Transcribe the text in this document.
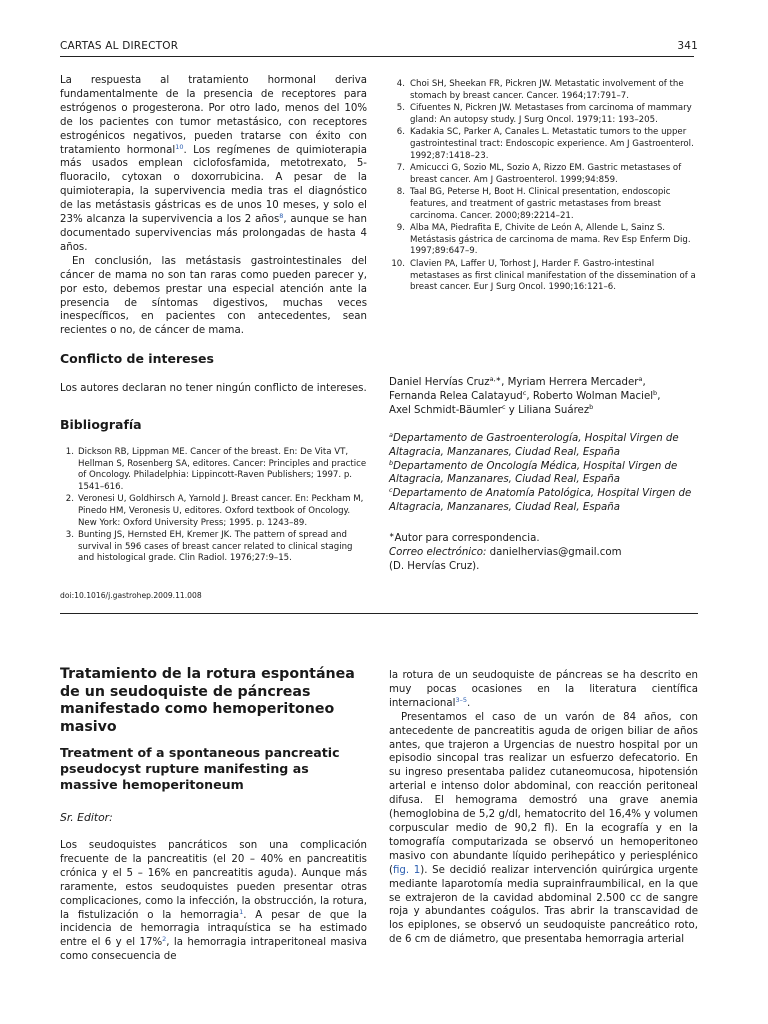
CARTAS AL DIRECTOR	341

La respuesta al tratamiento hormonal deriva fundamentalmente de la presencia de receptores para estrógenos o progesterona. Por otro lado, menos del 10% de los pacientes con tumor metastásico, con receptores estrogénicos negativos, pueden tratarse con éxito con tratamiento hormonal$^{10}$. Los regímenes de quimioterapia más usados emplean ciclofosfamida, metotrexato, 5-fluoracilo, cytoxan o doxorrubicina. A pesar de la quimioterapia, la supervivencia media tras el diagnóstico de las metástasis gástricas es de unos 10 meses, y solo el 23% alcanza la supervivencia a los 2 años$^8$, aunque se han documentado supervivencias más prolongadas de hasta 4 años.

En conclusión, las metástasis gastrointestinales del cáncer de mama no son tan raras como pueden parecer y, por esto, debemos prestar una especial atención ante la presencia de síntomas digestivos, muchas veces inespecíficos, en pacientes con antecedentes, sean recientes o no, de cáncer de mama.

Conflicto de intereses

Los autores declaran no tener ningún conflicto de intereses.

Bibliografía
1. Dickson RB, Lippman ME. Cancer of the breast. En: De Vita VT, Hellman S, Rosenberg SA, editores. Cancer: Principles and practice of Oncology. Philadelphia: Lippincott-Raven Publishers; 1997. p. 1541–616.
2. Veronesi U, Goldhirsch A, Yarnold J. Breast cancer. En: Peckham M, Pinedo HM, Veronesis U, editores. Oxford textbook of Oncology. New York: Oxford University Press; 1995. p. 1243–89.
3. Bunting JS, Hernsted EH, Kremer JK. The pattern of spread and survival in 596 cases of breast cancer related to clinical staging and histological grade. Clin Radiol. 1976;27:9–15.
doi:10.1016/j.gastrohep.2009.11.008
4. Choi SH, Sheekan FR, Pickren JW. Metastatic involvement of the stomach by breast cancer. Cancer. 1964;17:791–7.
5. Cifuentes N, Pickren JW. Metastases from carcinoma of mammary gland: An autopsy study. J Surg Oncol. 1979;11: 193–205.
6. Kadakia SC, Parker A, Canales L. Metastatic tumors to the upper gastrointestinal tract: Endoscopic experience. Am J Gastroenterol. 1992;87:1418–23.
7. Amicucci G, Sozio ML, Sozio A, Rizzo EM. Gastric metastases of breast cancer. Am J Gastroenterol. 1999;94:859.
8. Taal BG, Peterse H, Boot H. Clinical presentation, endoscopic features, and treatment of gastric metastases from breast carcinoma. Cancer. 2000;89:2214–21.
9. Alba MA, Piedrafita E, Chivite de León A, Allende L, Sainz S. Metástasis gástrica de carcinoma de mama. Rev Esp Enferm Dig. 1997;89:647–9.
10. Clavien PA, Laffer U, Torhost J, Harder F. Gastro-intestinal metastases as first clinical manifestation of the dissemination of a breast cancer. Eur J Surg Oncol. 1990;16:121–6.
Daniel Hervías Cruz$^{a,∗}$, Myriam Herrera Mercader$^a$,
Fernanda Relea Calatayud$^c$, Roberto Wolman Maciel$^b$,
Axel Schmidt-Bäumler$^c$ y Liliana Suárez$^b$
$^a$Departamento de Gastroenterología, Hospital Virgen de Altagracia, Manzanares, Ciudad Real, España
$^b$Departamento de Oncología Médica, Hospital Virgen de Altagracia, Manzanares, Ciudad Real, España
$^c$Departamento de Anatomía Patológica, Hospital Virgen de Altagracia, Manzanares, Ciudad Real, España
∗Autor para correspondencia.
Correo electrónico: danielhervias@gmail.com
(D. Hervías Cruz).
Tratamiento de la rotura espontánea de un seudoquiste de páncreas manifestado como hemoperitoneo masivo
Treatment of a spontaneous pancreatic pseudocyst rupture manifesting as massive hemoperitoneum
Sr. Editor:

Los seudoquistes pancráticos son una complicación frecuente de la pancreatitis (el 20 – 40% en pancreatitis crónica y el 5 – 16% en pancreatitis aguda). Aunque más raramente, estos seudoquistes pueden presentar otras complicaciones, como la infección, la obstrucción, la rotura, la fistulización o la hemorragia$^1$. A pesar de que la incidencia de hemorragia intraquística se ha estimado entre el 6 y el 17%$^2$, la hemorragia intraperitoneal masiva como consecuencia de

la rotura de un seudoquiste de páncreas se ha descrito en muy pocas ocasiones en la literatura científica internacional$^{3-5}$.

Presentamos el caso de un varón de 84 años, con antecedente de pancreatitis aguda de origen biliar de años antes, que trajeron a Urgencias de nuestro hospital por un episodio sincopal tras realizar un esfuerzo defecatorio. En su ingreso presentaba palidez cutaneomucosa, hipotensión arterial e intenso dolor abdominal, con reacción peritoneal difusa. El hemograma demostró una grave anemia (hemoglobina de 5,2 g/dl, hematocrito del 16,4% y volumen corpuscular medio de 90,2 fl). En la ecografía y en la tomografía computarizada se observó un hemoperitoneo masivo con abundante líquido perihepático y periesplénico (fig. 1). Se decidió realizar intervención quirúrgica urgente mediante laparotomía media suprainfraumbilical, en la que se extrajeron de la cavidad abdominal 2.500 cc de sangre roja y abundantes coágulos. Tras abrir la transcavidad de los epiplones, se observó un seudoquiste pancreático roto, de 6 cm de diámetro, que presentaba hemorragia arterial
